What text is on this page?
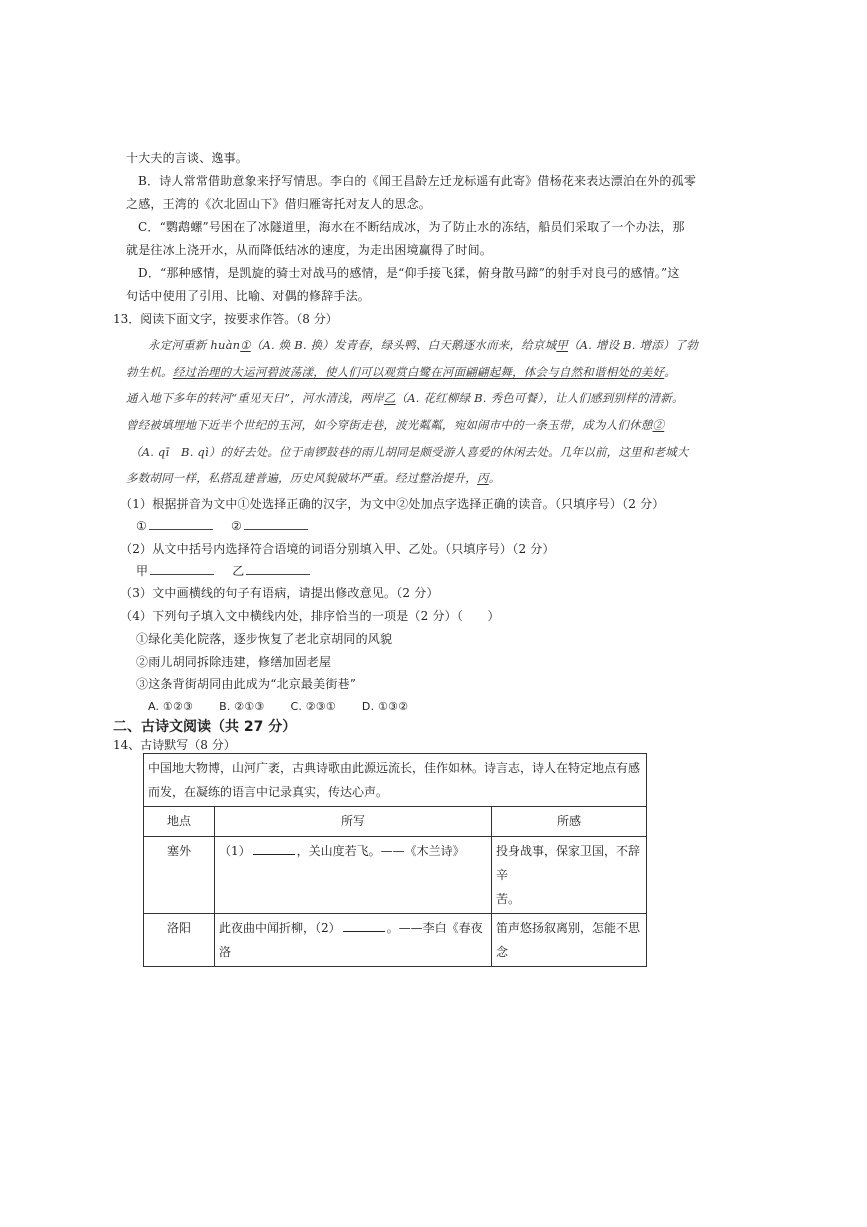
十大夫的言谈、逸事。
B．诗人常常借助意象来抒写情思。李白的《闻王昌龄左迁龙标遥有此寄》借杨花来表达漂泊在外的孤零
之感，王湾的《次北固山下》借归雁寄托对友人的思念。
C．“鹦鹉螺”号困在了冰隧道里，海水在不断结成冰，为了防止水的冻结，船员们采取了一个办法，那
就是往冰上浇开水，从而降低结冰的速度，为走出困境赢得了时间。
D．“那种感情，是凯旋的骑士对战马的感情，是“仰手接飞猱，俯身散马蹄”的射手对良弓的感情。”这
句话中使用了引用、比喻、对偶的修辞手法。
13．阅读下面文字，按要求作答。（8 分）
永定河重新 huàn①（A. 焕 B. 换）发青春，绿头鸭、白天鹅逐水而来，给京城甲（A. 增设 B. 增添）了勃
勃生机。经过治理的大运河碧波荡漾，使人们可以观赏白鹭在河面翩翩起舞，体会与自然和谐相处的美好。
通入地下多年的转河“重见天日”，河水清浅，两岸乙（A. 花红柳绿 B. 秀色可餐），让人们感到别样的清新。
曾经被填埋地下近半个世纪的玉河，如今穿街走巷，波光粼粼，宛如闹市中的一条玉带，成为人们休憩②
（A. qī　B. qì）的好去处。位于南锣鼓巷的雨儿胡同是颇受游人喜爱的休闲去处。几年以前，这里和老城大
多数胡同一样，私搭乱建普遍，历史风貌破坏严重。经过整治提升，丙。
（1）根据拼音为文中①处选择正确的汉字，为文中②处加点字选择正确的读音。（只填序号）（2 分）
①	②
（2）从文中括号内选择符合语境的词语分别填入甲、乙处。（只填序号）（2 分）
甲	乙
（3）文中画横线的句子有语病，请提出修改意见。（2 分）
（4）下列句子填入文中横线内处，排序恰当的一项是（2 分）（　　）
①绿化美化院落，逐步恢复了老北京胡同的风貌
②雨儿胡同拆除违建，修缮加固老屋
③这条背街胡同由此成为“北京最美街巷”
A. ①②③ B. ②①③ C. ②③① D. ①③②
二、古诗文阅读（共 27 分）
14、古诗默写（8 分）
中国地大物博，山河广袤，古典诗歌由此源远流长，佳作如林。诗言志，诗人在特定地点有感
而发，在凝练的语言中记录真实，传达心声。		

地点	所写	所感
塞外	（1） ，关山度若飞。——《木兰诗》	投身战事，保家卫国，不辞辛
苦。

洛阳	此夜曲中闻折柳，（2） 。——李白《春夜洛	笛声悠扬叙离别，怎能不思念
